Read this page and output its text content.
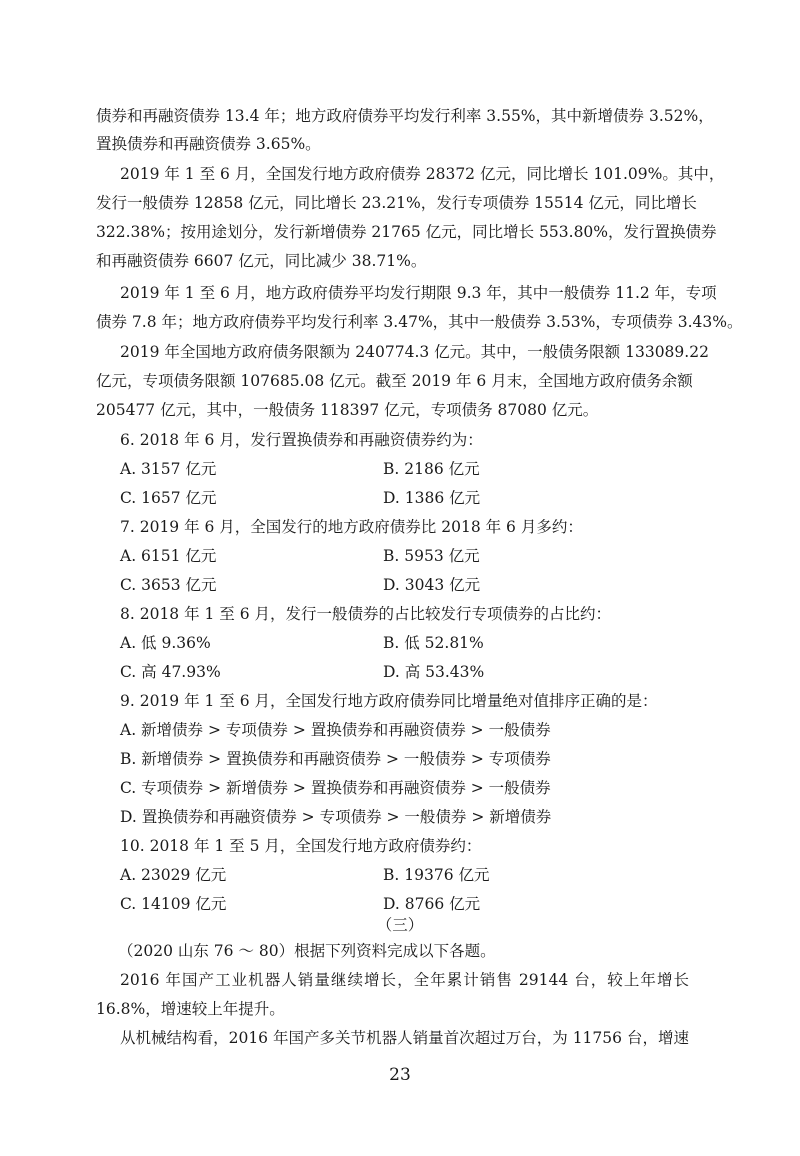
债券和再融资债券 13.4 年；地方政府债券平均发行利率 3.55%，其中新增债券 3.52%，
置换债券和再融资债券 3.65%。
2019 年 1 至 6 月，全国发行地方政府债券 28372 亿元，同比增长 101.09%。其中，
发行一般债券 12858 亿元，同比增长 23.21%，发行专项债券 15514 亿元，同比增长
322.38%；按用途划分，发行新增债券 21765 亿元，同比增长 553.80%，发行置换债券
和再融资债券 6607 亿元，同比减少 38.71%。
2019 年 1 至 6 月，地方政府债券平均发行期限 9.3 年，其中一般债券 11.2 年，专项
债券 7.8 年；地方政府债券平均发行利率 3.47%，其中一般债券 3.53%，专项债券 3.43%。
2019 年全国地方政府债务限额为 240774.3 亿元。其中，一般债务限额 133089.22
亿元，专项债务限额 107685.08 亿元。截至 2019 年 6 月末，全国地方政府债务余额
205477 亿元，其中，一般债务 118397 亿元，专项债务 87080 亿元。
6. 2018 年 6 月，发行置换债券和再融资债券约为：
A. 3157 亿元	B. 2186 亿元
C. 1657 亿元	D. 1386 亿元
7. 2019 年 6 月，全国发行的地方政府债券比 2018 年 6 月多约：
A. 6151 亿元	B. 5953 亿元
C. 3653 亿元	D. 3043 亿元
8. 2018 年 1 至 6 月，发行一般债券的占比较发行专项债券的占比约：
A. 低 9.36%	B. 低 52.81%
C. 高 47.93%	D. 高 53.43%
9. 2019 年 1 至 6 月，全国发行地方政府债券同比增量绝对值排序正确的是：
A. 新增债券 > 专项债券 > 置换债券和再融资债券 > 一般债券
B. 新增债券 > 置换债券和再融资债券 > 一般债券 > 专项债券
C. 专项债券 > 新增债券 > 置换债券和再融资债券 > 一般债券
D. 置换债券和再融资债券 > 专项债券 > 一般债券 > 新增债券
10. 2018 年 1 至 5 月，全国发行地方政府债券约：
A. 23029 亿元	B. 19376 亿元
C. 14109 亿元	D. 8766 亿元
（三）
（2020 山东 76 ～ 80）根据下列资料完成以下各题。
2016 年国产工业机器人销量继续增长，全年累计销售 29144 台，较上年增长
16.8%，增速较上年提升。
从机械结构看，2016 年国产多关节机器人销量首次超过万台，为 11756 台，增速
23
